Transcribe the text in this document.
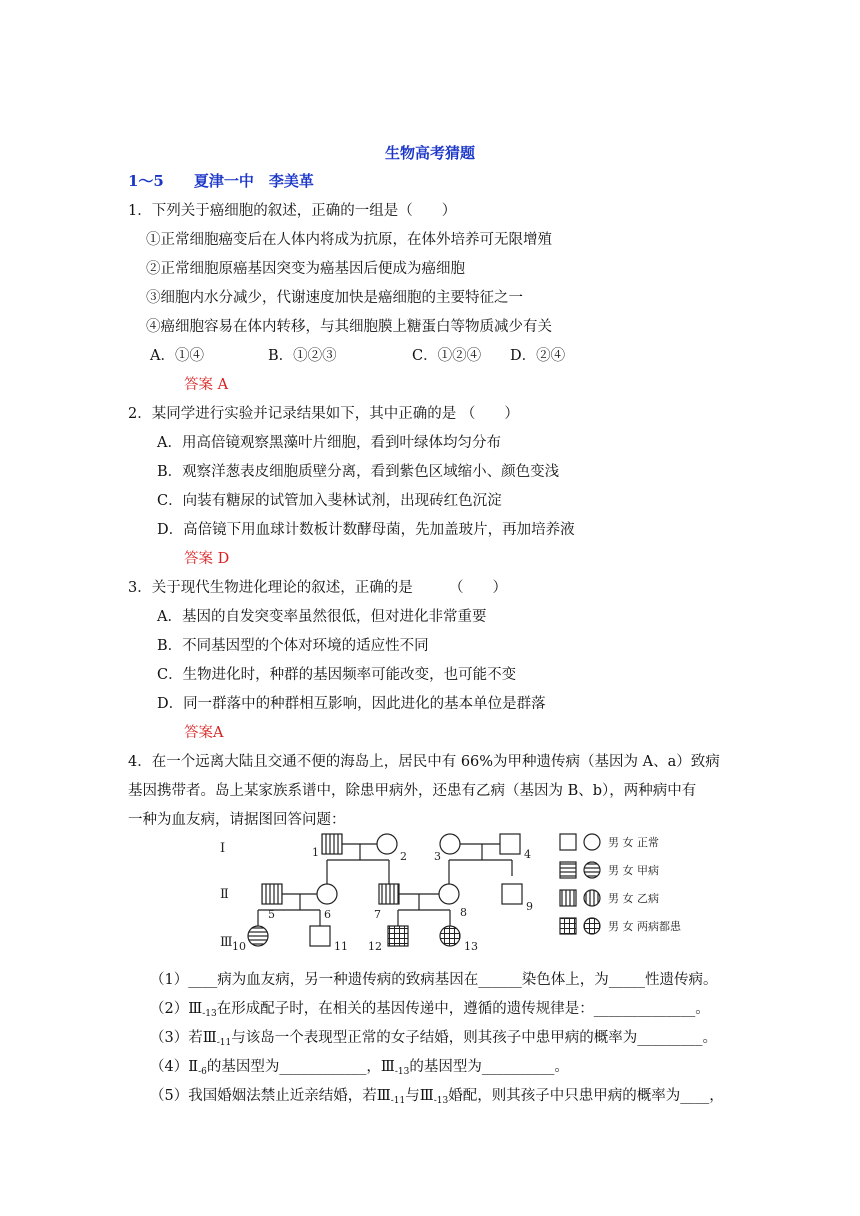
生物高考猜题
1～5　　夏津一中　李美革
1．下列关于癌细胞的叙述，正确的一组是（　　）
①正常细胞癌变后在人体内将成为抗原，在体外培养可无限增殖
②正常细胞原癌基因突变为癌基因后便成为癌细胞
③细胞内水分减少，代谢速度加快是癌细胞的主要特征之一
④癌细胞容易在体内转移，与其细胞膜上糖蛋白等物质减少有关
A．①④	B．①②③	C．①②④ D．②④
答案 A
2．某同学进行实验并记录结果如下，其中正确的是 （　　）
A．用高倍镜观察黑藻叶片细胞，看到叶绿体均匀分布
B．观察洋葱表皮细胞质壁分离，看到紫色区域缩小、颜色变浅
C．向装有糖尿的试管加入斐林试剂，出现砖红色沉淀
D．高倍镜下用血球计数板计数酵母菌，先加盖玻片，再加培养液
答案 D
3．关于现代生物进化理论的叙述，正确的是　　　（　　）
A．基因的自发突变率虽然很低，但对进化非常重要
B．不同基因型的个体对环境的适应性不同
C．生物进化时，种群的基因频率可能改变，也可能不变
D．同一群落中的种群相互影响，因此进化的基本单位是群落
答案A
4．在一个远离大陆且交通不便的海岛上，居民中有 66%为甲种遗传病（基因为 A、a）致病
基因携带者。岛上某家族系谱中，除患甲病外，还患有乙病（基因为 B、b），两种病中有
一种为血友病，请据图回答问题：
Ⅰ
Ⅱ
Ⅲ
1	2 3	4
5	6	7	8	9
10	11 12	13
男 女 正常
男 女 甲病
男 女 乙病
男 女 两病都患
（1）____病为血友病，另一种遗传病的致病基因在______染色体上，为_____性遗传病。
$(2)Ⅲ_{-13}$在形成配子时，在相关的基因传递中，遵循的遗传规律是：______________。
（3）若$Ⅲ_{-11}$与该岛一个表现型正常的女子结婚，则其孩子中患甲病的概率为_________。
$(4)Ⅱ_{-6}$的基因型为____________，$Ⅲ_{-13}$的基因型为__________。
（5）我国婚姻法禁止近亲结婚，若$Ⅲ_{-11}$与$Ⅲ_{-13}$婚配，则其孩子中只患甲病的概率为____，
